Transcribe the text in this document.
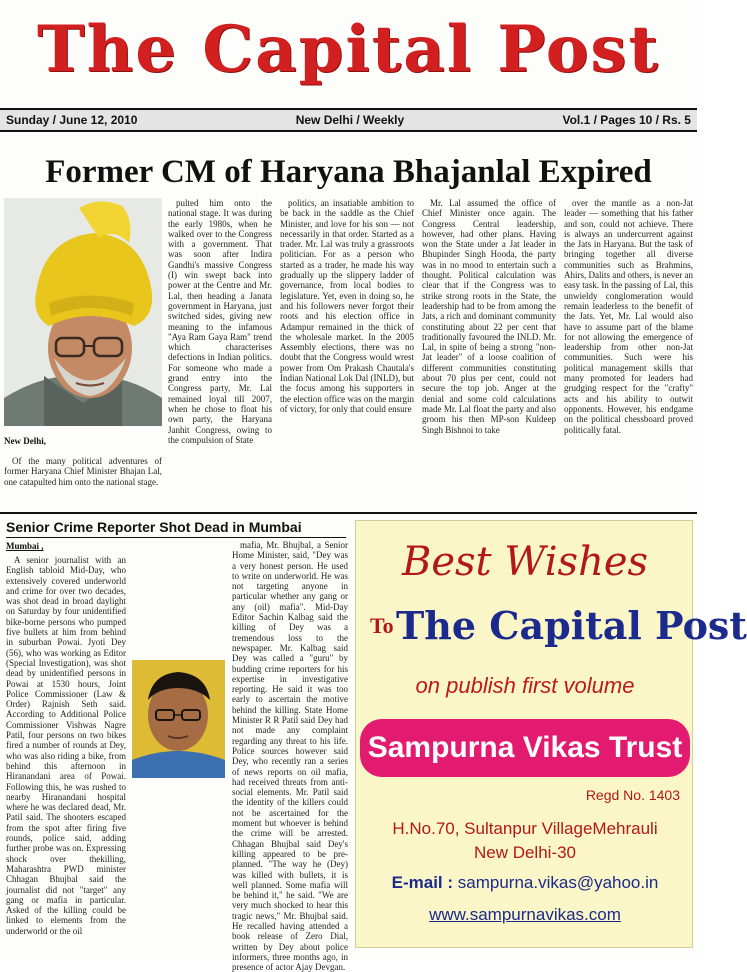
The Capital Post
Sunday / June 12, 2010	New Delhi / Weekly	Vol.1 / Pages 10 / Rs. 5
Former CM of Haryana Bhajanlal Expired
New Delhi,

Of the many political adventures of former Haryana Chief Minister Bhajan Lal, one catapulted him onto the national stage.

pulted him onto the national stage. It was during the early 1980s, when he walked over to the Congress with a government. That was soon after Indira Gandhi's massive Congress (I) win swept back into power at the Centre and Mr. Lal, then heading a Janata government in Haryana, just switched sides, giving new meaning to the infamous "Aya Ram Gaya Ram" trend which characterises defections in Indian politics. For someone who made a grand entry into the Congress party, Mr. Lal remained loyal till 2007, when he chose to float his own party, the Haryana Janhit Congress, owing to the compulsion of State

politics, an insatiable ambition to be back in the saddle as the Chief Minister, and love for his son — not necessarily in that order. Started as a trader. Mr. Lal was truly a grassroots politician. For as a person who started as a trader, he made his way gradually up the slippery ladder of governance, from local bodies to legislature. Yet, even in doing so, he and his followers never forgot their roots and his election office in Adampur remained in the thick of the wholesale market. In the 2005 Assembly elections, there was no doubt that the Congress would wrest power from Om Prakash Chautala's Indian National Lok Dal (INLD), but the focus among his supporters in the election office was on the margin of victory, for only that could ensure

Mr. Lal assumed the office of Chief Minister once again. The Congress Central leadership, however, had other plans. Having won the State under a Jat leader in Bhupinder Singh Hooda, the party was in no mood to entertain such a thought. Political calculation was clear that if the Congress was to strike strong roots in the State, the leadership had to be from among the Jats, a rich and dominant community constituting about 22 per cent that traditionally favoured the INLD. Mr. Lal, in spite of being a strong "non-Jat leader" of a loose coalition of different communities constituting about 70 plus per cent, could not secure the top job. Anger at the denial and some cold calculations made Mr. Lal float the party and also groom his then MP-son Kuldeep Singh Bishnoi to take

over the mantle as a non-Jat leader — something that his father and son, could not achieve. There is always an undercurrent against the Jats in Haryana. But the task of bringing together all diverse communities such as Brahmins, Ahirs, Dalits and others, is never an easy task. In the passing of Lal, this unwieldy conglomeration would remain leaderless to the benefit of the Jats. Yet, Mr. Lal would also have to assume part of the blame for not allowing the emergence of leadership from other non-Jat communities. Such were his political management skills that many promoted for leaders had grudging respect for the "crafty" acts and his ability to outwit opponents. However, his endgame on the political chessboard proved politically fatal.

Senior Crime Reporter Shot Dead in Mumbai
Mumbai ,

A senior journalist with an English tabloid Mid-Day, who extensively covered underworld and crime for over two decades, was shot dead in broad daylight on Saturday by four unidentified bike-borne persons who pumped five bullets at him from behind in suburban Powai. Jyoti Dey (56), who was working as Editor (Special Investigation), was shot dead by unidentified persons in Powai at 1530 hours, Joint Police Commissioner (Law & Order) Rajnish Seth said. According to Additional Police Commissioner Vishwas Nagre Patil, four persons on two bikes fired a number of rounds at Dey, who was also riding a bike, from behind this afternoon in Hiranandani area of Powai. Following this, he was rushed to nearby Hiranandani hospital where he was declared dead, Mr. Patil said. The shooters escaped from the spot after firing five rounds, police said, adding further probe was on. Expressing shock over thekilling, Maharashtra PWD minister Chhagan Bhujbal said the journalist did not "target" any gang or mafia in particular. Asked of the killing could be linked to elements from the underworld or the oil

mafia, Mr. Bhujbal, a Senior Home Minister, said, "Dey was a very honest person. He used to write on underworld. He was not targeting anyone in particular whether any gang or any (oil) mafia". Mid-Day Editor Sachin Kalbag said the killing of Dey was a tremendous loss to the newspaper. Mr. Kalbag said Dey was called a "guru" by budding crime reporters for his expertise in investigative reporting. He said it was too early to ascertain the motive behind the killing. State Home Minister R R Patil said Dey had not made any complaint regarding any threat to his life. Police sources however said Dey, who recently ran a series of news reports on oil mafia, had received threats from anti-social elements. Mr. Patil said the identity of the killers could not be ascertained for the moment but whoever is behind the crime will be arrested. Chhagan Bhujbal said Dey's killing appeared to be pre-planned. "The way he (Dey) was killed with bullets, it is well planned. Some mafia will be behind it," he said. "We are very much shocked to hear this tragic news," Mr. Bhujbal said. He recalled having attended a book release of Zero Dial, written by Dey about police informers, three months ago, in presence of actor Ajay Devgan.

Best Wishes
To The Capital Post
on publish first volume
Sampurna Vikas Trust
Regd No. 1403
H.No.70, Sultanpur VillageMehrauli
New Delhi-30
E-mail : sampurna.vikas@yahoo.in
www.sampurnavikas.com
